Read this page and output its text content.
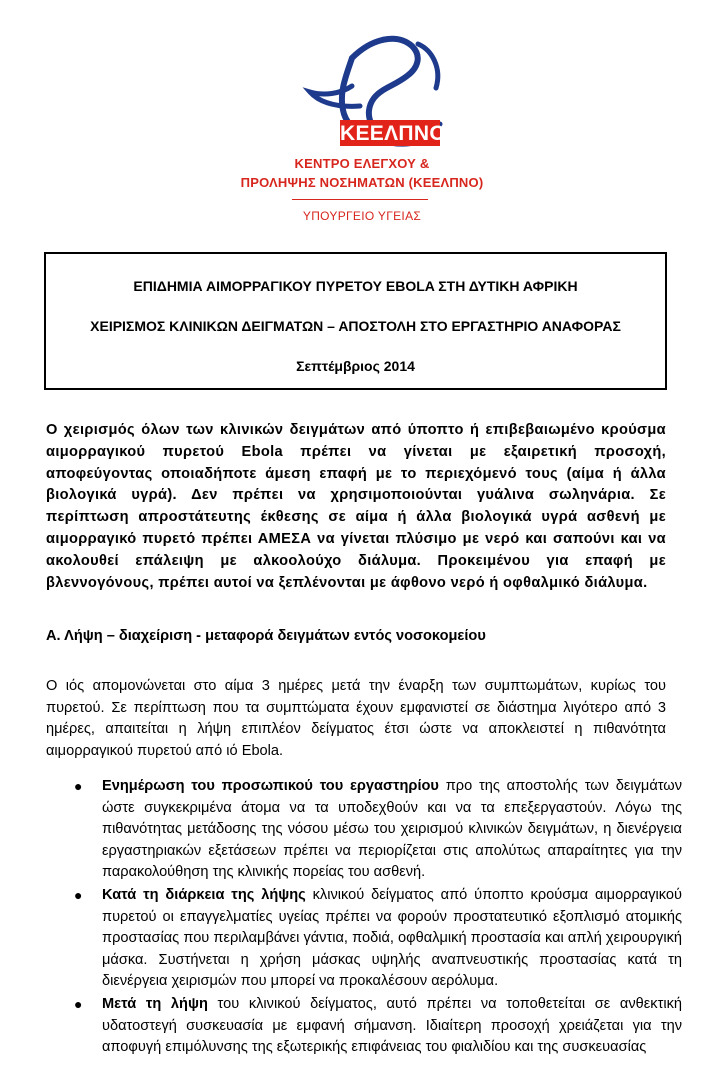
ΚΕΕΛΠΝΟ
ΚΕΝΤΡΟ ΕΛΕΓΧΟΥ &
ΠΡΟΛΗΨΗΣ ΝΟΣΗΜΑΤΩΝ (ΚΕΕΛΠΝΟ)
ΥΠΟΥΡΓΕΙΟ ΥΓΕΙΑΣ
ΕΠΙΔΗΜΙΑ ΑΙΜΟΡΡΑΓΙΚΟΥ ΠΥΡΕΤΟΥ EBOLA ΣΤΗ ΔΥΤΙΚΗ ΑΦΡΙΚΗ
ΧΕΙΡΙΣΜΟΣ ΚΛΙΝΙΚΩΝ ΔΕΙΓΜΑΤΩΝ – ΑΠΟΣΤΟΛΗ ΣΤΟ ΕΡΓΑΣΤΗΡΙΟ ΑΝΑΦΟΡΑΣ
Σεπτέμβριος 2014
Ο χειρισμός όλων των κλινικών δειγμάτων από ύποπτο ή επιβεβαιωμένο κρούσμα αιμορραγικού πυρετού Ebola πρέπει να γίνεται με εξαιρετική προσοχή, αποφεύγοντας οποιαδήποτε άμεση επαφή με το περιεχόμενό τους (αίμα ή άλλα βιολογικά υγρά). Δεν πρέπει να χρησιμοποιούνται γυάλινα σωληνάρια. Σε περίπτωση απροστάτευτης έκθεσης σε αίμα ή άλλα βιολογικά υγρά ασθενή με αιμορραγικό πυρετό πρέπει ΑΜΕΣΑ να γίνεται πλύσιμο με νερό και σαπούνι και να ακολουθεί επάλειψη με αλκοολούχο διάλυμα. Προκειμένου για επαφή με βλεννογόνους, πρέπει αυτοί να ξεπλένονται με άφθονο νερό ή οφθαλμικό διάλυμα.
Α. Λήψη – διαχείριση - μεταφορά δειγμάτων εντός νοσοκομείου
Ο ιός απομονώνεται στο αίμα 3 ημέρες μετά την έναρξη των συμπτωμάτων, κυρίως του πυρετού. Σε περίπτωση που τα συμπτώματα έχουν εμφανιστεί σε διάστημα λιγότερο από 3 ημέρες, απαιτείται η λήψη επιπλέον δείγματος έτσι ώστε να αποκλειστεί η πιθανότητα αιμορραγικού πυρετού από ιό Ebola.
● Ενημέρωση του προσωπικού του εργαστηρίου προ της αποστολής των δειγμάτων ώστε συγκεκριμένα άτομα να τα υποδεχθούν και να τα επεξεργαστούν. Λόγω της πιθανότητας μετάδοσης της νόσου μέσω του χειρισμού κλινικών δειγμάτων, η διενέργεια εργαστηριακών εξετάσεων πρέπει να περιορίζεται στις απολύτως απαραίτητες για την παρακολούθηση της κλινικής πορείας του ασθενή.
● Κατά τη διάρκεια της λήψης κλινικού δείγματος από ύποπτο κρούσμα αιμορραγικού πυρετού οι επαγγελματίες υγείας πρέπει να φορούν προστατευτικό εξοπλισμό ατομικής προστασίας που περιλαμβάνει γάντια, ποδιά, οφθαλμική προστασία και απλή χειρουργική μάσκα. Συστήνεται η χρήση μάσκας υψηλής αναπνευστικής προστασίας κατά τη διενέργεια χειρισμών που μπορεί να προκαλέσουν αερόλυμα.
● Μετά τη λήψη του κλινικού δείγματος, αυτό πρέπει να τοποθετείται σε ανθεκτική υδατοστεγή συσκευασία με εμφανή σήμανση. Ιδιαίτερη προσοχή χρειάζεται για την αποφυγή επιμόλυνσης της εξωτερικής επιφάνειας του φιαλιδίου και της συσκευασίας
